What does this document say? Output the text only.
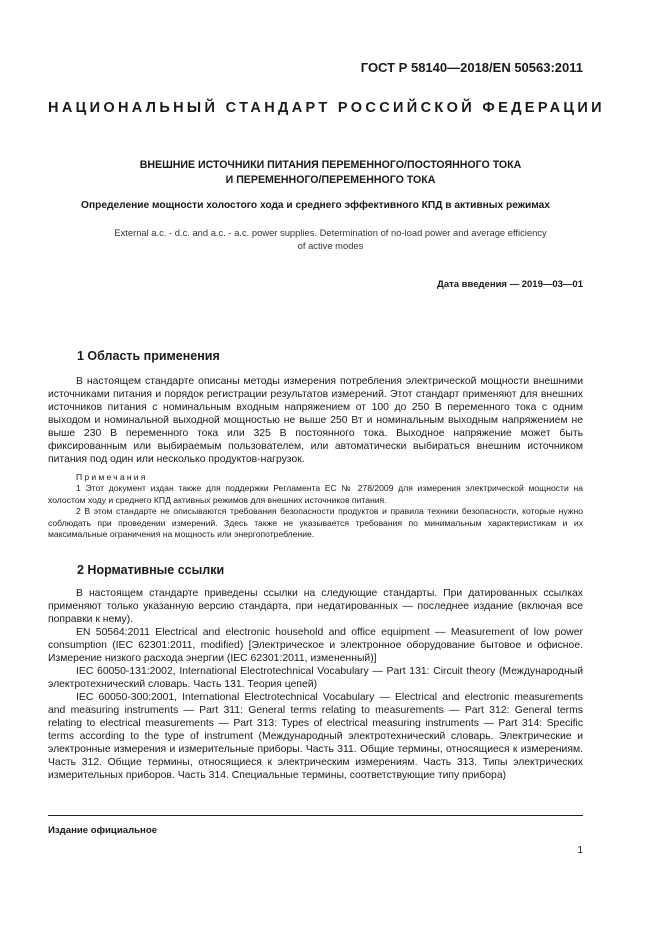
ГОСТ Р 58140—2018/EN 50563:2011
НАЦИОНАЛЬНЫЙ СТАНДАРТ РОССИЙСКОЙ ФЕДЕРАЦИИ
ВНЕШНИЕ ИСТОЧНИКИ ПИТАНИЯ ПЕРЕМЕННОГО/ПОСТОЯННОГО ТОКА
И ПЕРЕМЕННОГО/ПЕРЕМЕННОГО ТОКА
Определение мощности холостого хода и среднего эффективного КПД в активных режимах
External a.c. - d.c. and a.c. - a.c. power supplies. Determination of no-load power and average efficiency
of active modes
Дата введения — 2019—03—01
1 Область применения

В настоящем стандарте описаны методы измерения потребления электрической мощности внешними источниками питания и порядок регистрации результатов измерений. Этот стандарт применяют для внешних источников питания с номинальным входным напряжением от 100 до 250 В переменного тока с одним выходом и номинальной выходной мощностью не выше 250 Вт и номинальным выходным напряжением не выше 230 В переменного тока или 325 В постоянного тока. Выходное напряжение может быть фиксированным или выбираемым пользователем, или автоматически выбираться внешним источником питания под один или несколько продуктов-нагрузок.

Примечания

1 Этот документ издан также для поддержки Регламента ЕС № 278/2009 для измерения электрической мощности на холостом ходу и среднего КПД активных режимов для внешних источников питания.

2 В этом стандарте не описываются требования безопасности продуктов и правила техники безопасности, которые нужно соблюдать при проведении измерений. Здесь также не указывается требования по минимальным характеристикам и их максимальные ограничения на мощность или энергопотребление.

2 Нормативные ссылки

В настоящем стандарте приведены ссылки на следующие стандарты. При датированных ссылках применяют только указанную версию стандарта, при недатированных — последнее издание (включая все поправки к нему).

EN 50564:2011 Electrical and electronic household and office equipment — Measurement of low power consumption (IEC 62301:2011, modified) [Электрическое и электронное оборудование бытовое и офисное. Измерение низкого расхода энергии (IEC 62301:2011, измененный)]

IEC 60050-131:2002, International Electrotechnical Vocabulary — Part 131: Circuit theory (Международный электротехнический словарь. Часть 131. Теория цепей)

IEC 60050-300:2001, International Electrotechnical Vocabulary — Electrical and electronic measurements and measuring instruments — Part 311: General terms relating to measurements — Part 312: General terms relating to electrical measurements — Part 313: Types of electrical measuring instruments — Part 314: Specific terms according to the type of instrument (Международный электротехнический словарь. Электрические и электронные измерения и измерительные приборы. Часть 311. Общие термины, относящиеся к измерениям. Часть 312. Общие термины, относящиеся к электрическим измерениям. Часть 313. Типы электрических измерительных приборов. Часть 314. Специальные термины, соответствующие типу прибора)

Издание официальное
1
